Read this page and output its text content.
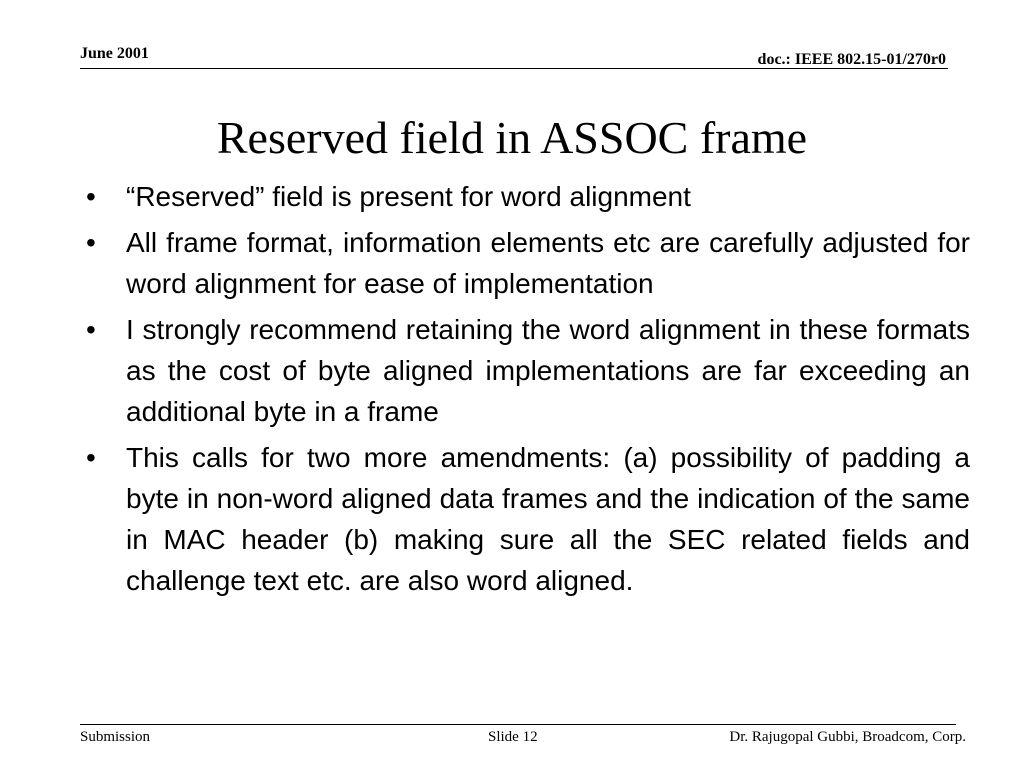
June 2001	doc.: IEEE 802.15-01/270r0
Reserved field in ASSOC frame
•	“Reserved” field is present for word alignment
•	All frame format, information elements etc are carefully adjusted for word alignment for ease of implementation
•	I strongly recommend retaining the word alignment in these formats as the cost of byte aligned implementations are far exceeding an additional byte in a frame
•	This calls for two more amendments: (a) possibility of padding a byte in non-word aligned data frames and the indication of the same in MAC header (b) making sure all the SEC related fields and challenge text etc. are also word aligned.
Submission	Slide 12	Dr. Rajugopal Gubbi, Broadcom, Corp.
